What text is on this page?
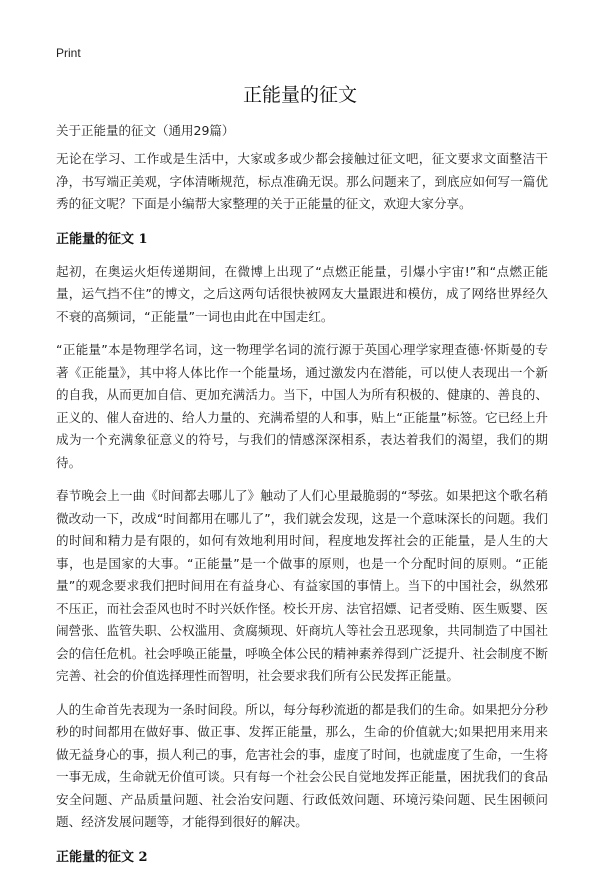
Print
正能量的征文
关于正能量的征文（通用29篇）

无论在学习、工作或是生活中，大家或多或少都会接触过征文吧，征文要求文面整洁干净，书写端正美观，字体清晰规范，标点准确无误。那么问题来了，到底应如何写一篇优秀的征文呢？下面是小编帮大家整理的关于正能量的征文，欢迎大家分享。

正能量的征文 1

起初，在奥运火炬传递期间，在微博上出现了“点燃正能量，引爆小宇宙!”和“点燃正能量，运气挡不住”的博文，之后这两句话很快被网友大量跟进和模仿，成了网络世界经久不衰的高频词，“正能量”一词也由此在中国走红。

“正能量”本是物理学名词，这一物理学名词的流行源于英国心理学家理查德·怀斯曼的专著《正能量》，其中将人体比作一个能量场，通过激发内在潜能，可以使人表现出一个新的自我，从而更加自信、更加充满活力。当下，中国人为所有积极的、健康的、善良的、正义的、催人奋进的、给人力量的、充满希望的人和事，贴上“正能量”标签。它已经上升成为一个充满象征意义的符号，与我们的情感深深相系，表达着我们的渴望，我们的期待。

春节晚会上一曲《时间都去哪儿了》触动了人们心里最脆弱的“琴弦。如果把这个歌名稍微改动一下，改成“时间都用在哪儿了”，我们就会发现，这是一个意味深长的问题。我们的时间和精力是有限的，如何有效地利用时间，程度地发挥社会的正能量，是人生的大事，也是国家的大事。“正能量”是一个做事的原则，也是一个分配时间的原则。“正能量”的观念要求我们把时间用在有益身心、有益家国的事情上。当下的中国社会，纵然邪不压正，而社会歪风也时不时兴妖作怪。校长开房、法官招嫖、记者受贿、医生贩婴、医闹營张、监管失职、公权滥用、贪腐频现、奸商坑人等社会丑恶现象，共同制造了中国社会的信任危机。社会呼唤正能量，呼唤全体公民的精神素养得到广泛提升、社会制度不断完善、社会的价值选择理性而智明，社会要求我们所有公民发挥正能量。

人的生命首先表现为一条时间段。所以，每分每秒流逝的都是我们的生命。如果把分分秒秒的时间都用在做好事、做正事、发挥正能量，那么，生命的价值就大;如果把用来用来做无益身心的事，损人利己的事，危害社会的事，虚度了时间，也就虚度了生命，一生将一事无成，生命就无价值可谈。只有每一个社会公民自觉地发挥正能量，困扰我们的食品安全问题、产品质量问题、社会治安问题、行政低效问题、环境污染问题、民生困顿问题、经济发展问题等，才能得到很好的解决。

正能量的征文 2
